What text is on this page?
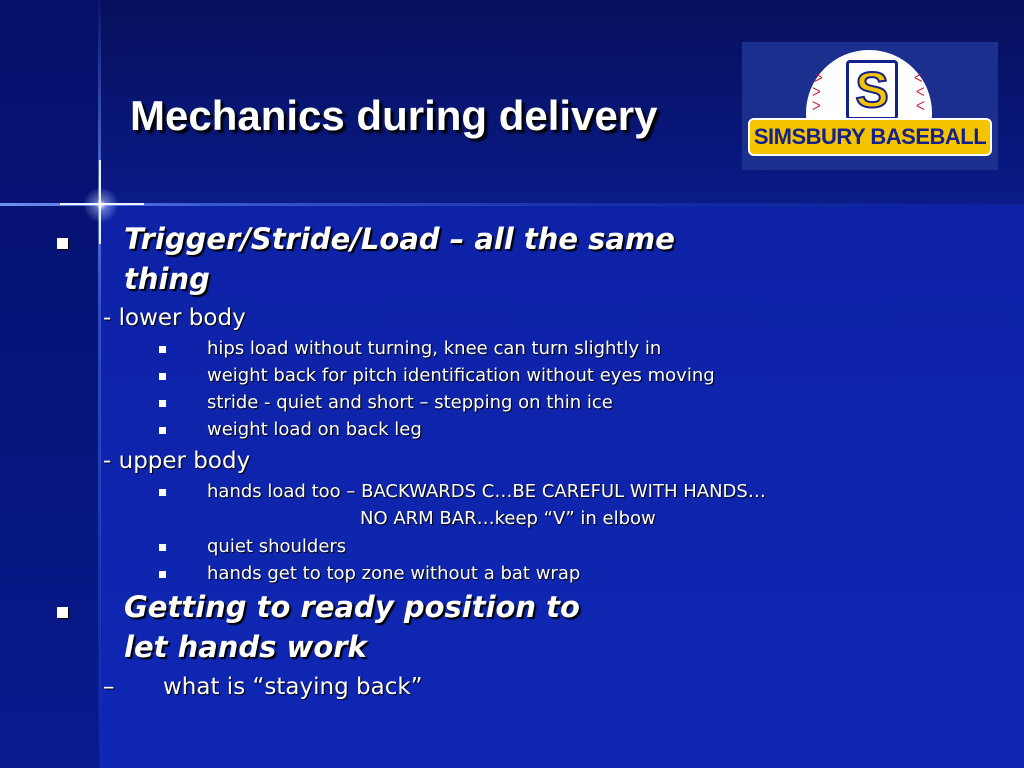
Mechanics during delivery
ᐳ
ᐳ
ᐳ
ᐸ
ᐸ
ᐸ
S
SIMSBURY BASEBALL
Trigger/Stride/Load – all the same
thing
- lower body
hips load without turning, knee can turn slightly in
weight back for pitch identification without eyes moving
stride - quiet and short – stepping on thin ice
weight load on back leg
- upper body
hands load too – BACKWARDS C…BE CAREFUL WITH HANDS…
NO ARM BAR…keep “V” in elbow
quiet shoulders
hands get to top zone without a bat wrap
Getting to ready position to
let hands work
– what is “staying back”
